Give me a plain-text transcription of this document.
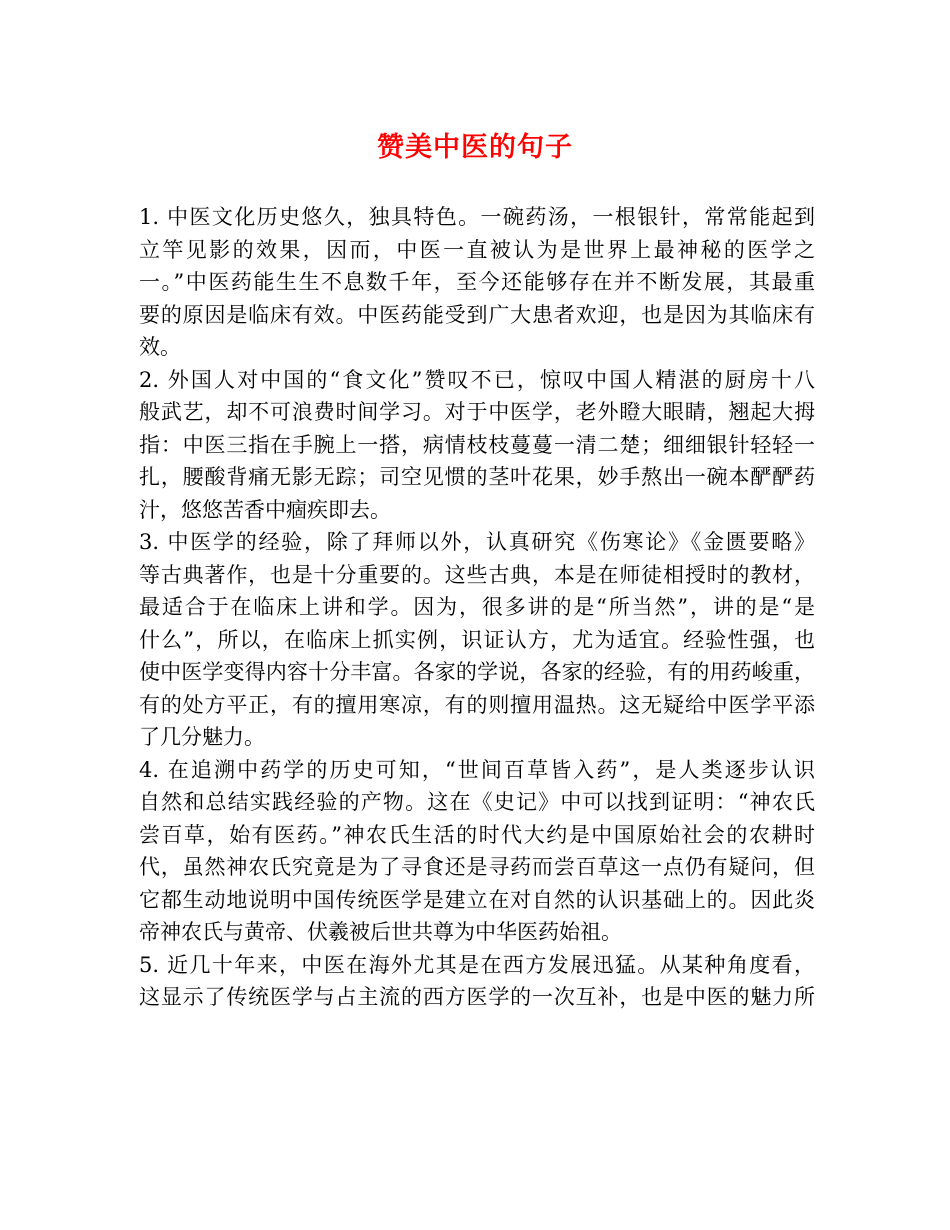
赞美中医的句子
1. 中医文化历史悠久，独具特色。一碗药汤，一根银针，常常能起到
立竿见影的效果，因而，中医一直被认为是世界上最神秘的医学之
一。”中医药能生生不息数千年，至今还能够存在并不断发展，其最重
要的原因是临床有效。中医药能受到广大患者欢迎，也是因为其临床有
效。
2. 外国人对中国的“食文化”赞叹不已，惊叹中国人精湛的厨房十八
般武艺，却不可浪费时间学习。对于中医学，老外瞪大眼睛，翘起大拇
指：中医三指在手腕上一搭，病情枝枝蔓蔓一清二楚；细细银针轻轻一
扎，腰酸背痛无影无踪；司空见惯的茎叶花果，妙手熬出一碗本酽酽药
汁，悠悠苦香中痼疾即去。
3. 中医学的经验，除了拜师以外，认真研究《伤寒论》《金匮要略》
等古典著作，也是十分重要的。这些古典，本是在师徒相授时的教材，
最适合于在临床上讲和学。因为，很多讲的是“所当然”，讲的是“是
什么”，所以，在临床上抓实例，识证认方，尤为适宜。经验性强，也
使中医学变得内容十分丰富。各家的学说，各家的经验，有的用药峻重，
有的处方平正，有的擅用寒凉，有的则擅用温热。这无疑给中医学平添
了几分魅力。
4. 在追溯中药学的历史可知，“世间百草皆入药”，是人类逐步认识
自然和总结实践经验的产物。这在《史记》中可以找到证明：“神农氏
尝百草，始有医药。”神农氏生活的时代大约是中国原始社会的农耕时
代，虽然神农氏究竟是为了寻食还是寻药而尝百草这一点仍有疑问，但
它都生动地说明中国传统医学是建立在对自然的认识基础上的。因此炎
帝神农氏与黄帝、伏羲被后世共尊为中华医药始祖。
5. 近几十年来，中医在海外尤其是在西方发展迅猛。从某种角度看，
这显示了传统医学与占主流的西方医学的一次互补，也是中医的魅力所
